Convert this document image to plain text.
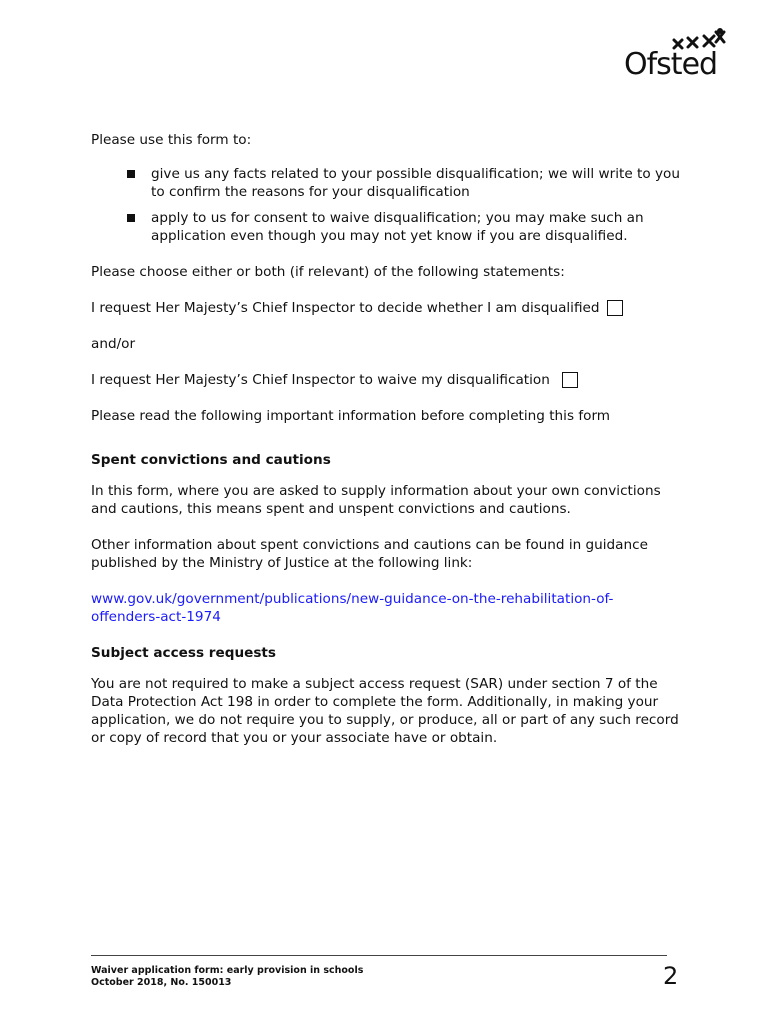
Ofsted

Please use this form to:

give us any facts related to your possible disqualification; we will write to you to confirm the reasons for your disqualification
apply to us for consent to waive disqualification; you may make such an application even though you may not yet know if you are disqualified.

Please choose either or both (if relevant) of the following statements:

I request Her Majesty’s Chief Inspector to decide whether I am disqualified

and/or

I request Her Majesty’s Chief Inspector to waive my disqualification

Please read the following important information before completing this form

Spent convictions and cautions

In this form, where you are asked to supply information about your own convictions and cautions, this means spent and unspent convictions and cautions.

Other information about spent convictions and cautions can be found in guidance published by the Ministry of Justice at the following link:

www.gov.uk/government/publications/new-guidance-on-the-rehabilitation-of-offenders-act-1974

Subject access requests

You are not required to make a subject access request (SAR) under section 7 of the Data Protection Act 198 in order to complete the form. Additionally, in making your application, we do not require you to supply, or produce, all or part of any such record or copy of record that you or your associate have or obtain.

Waiver application form: early provision in schools
October 2018, No. 150013	2
